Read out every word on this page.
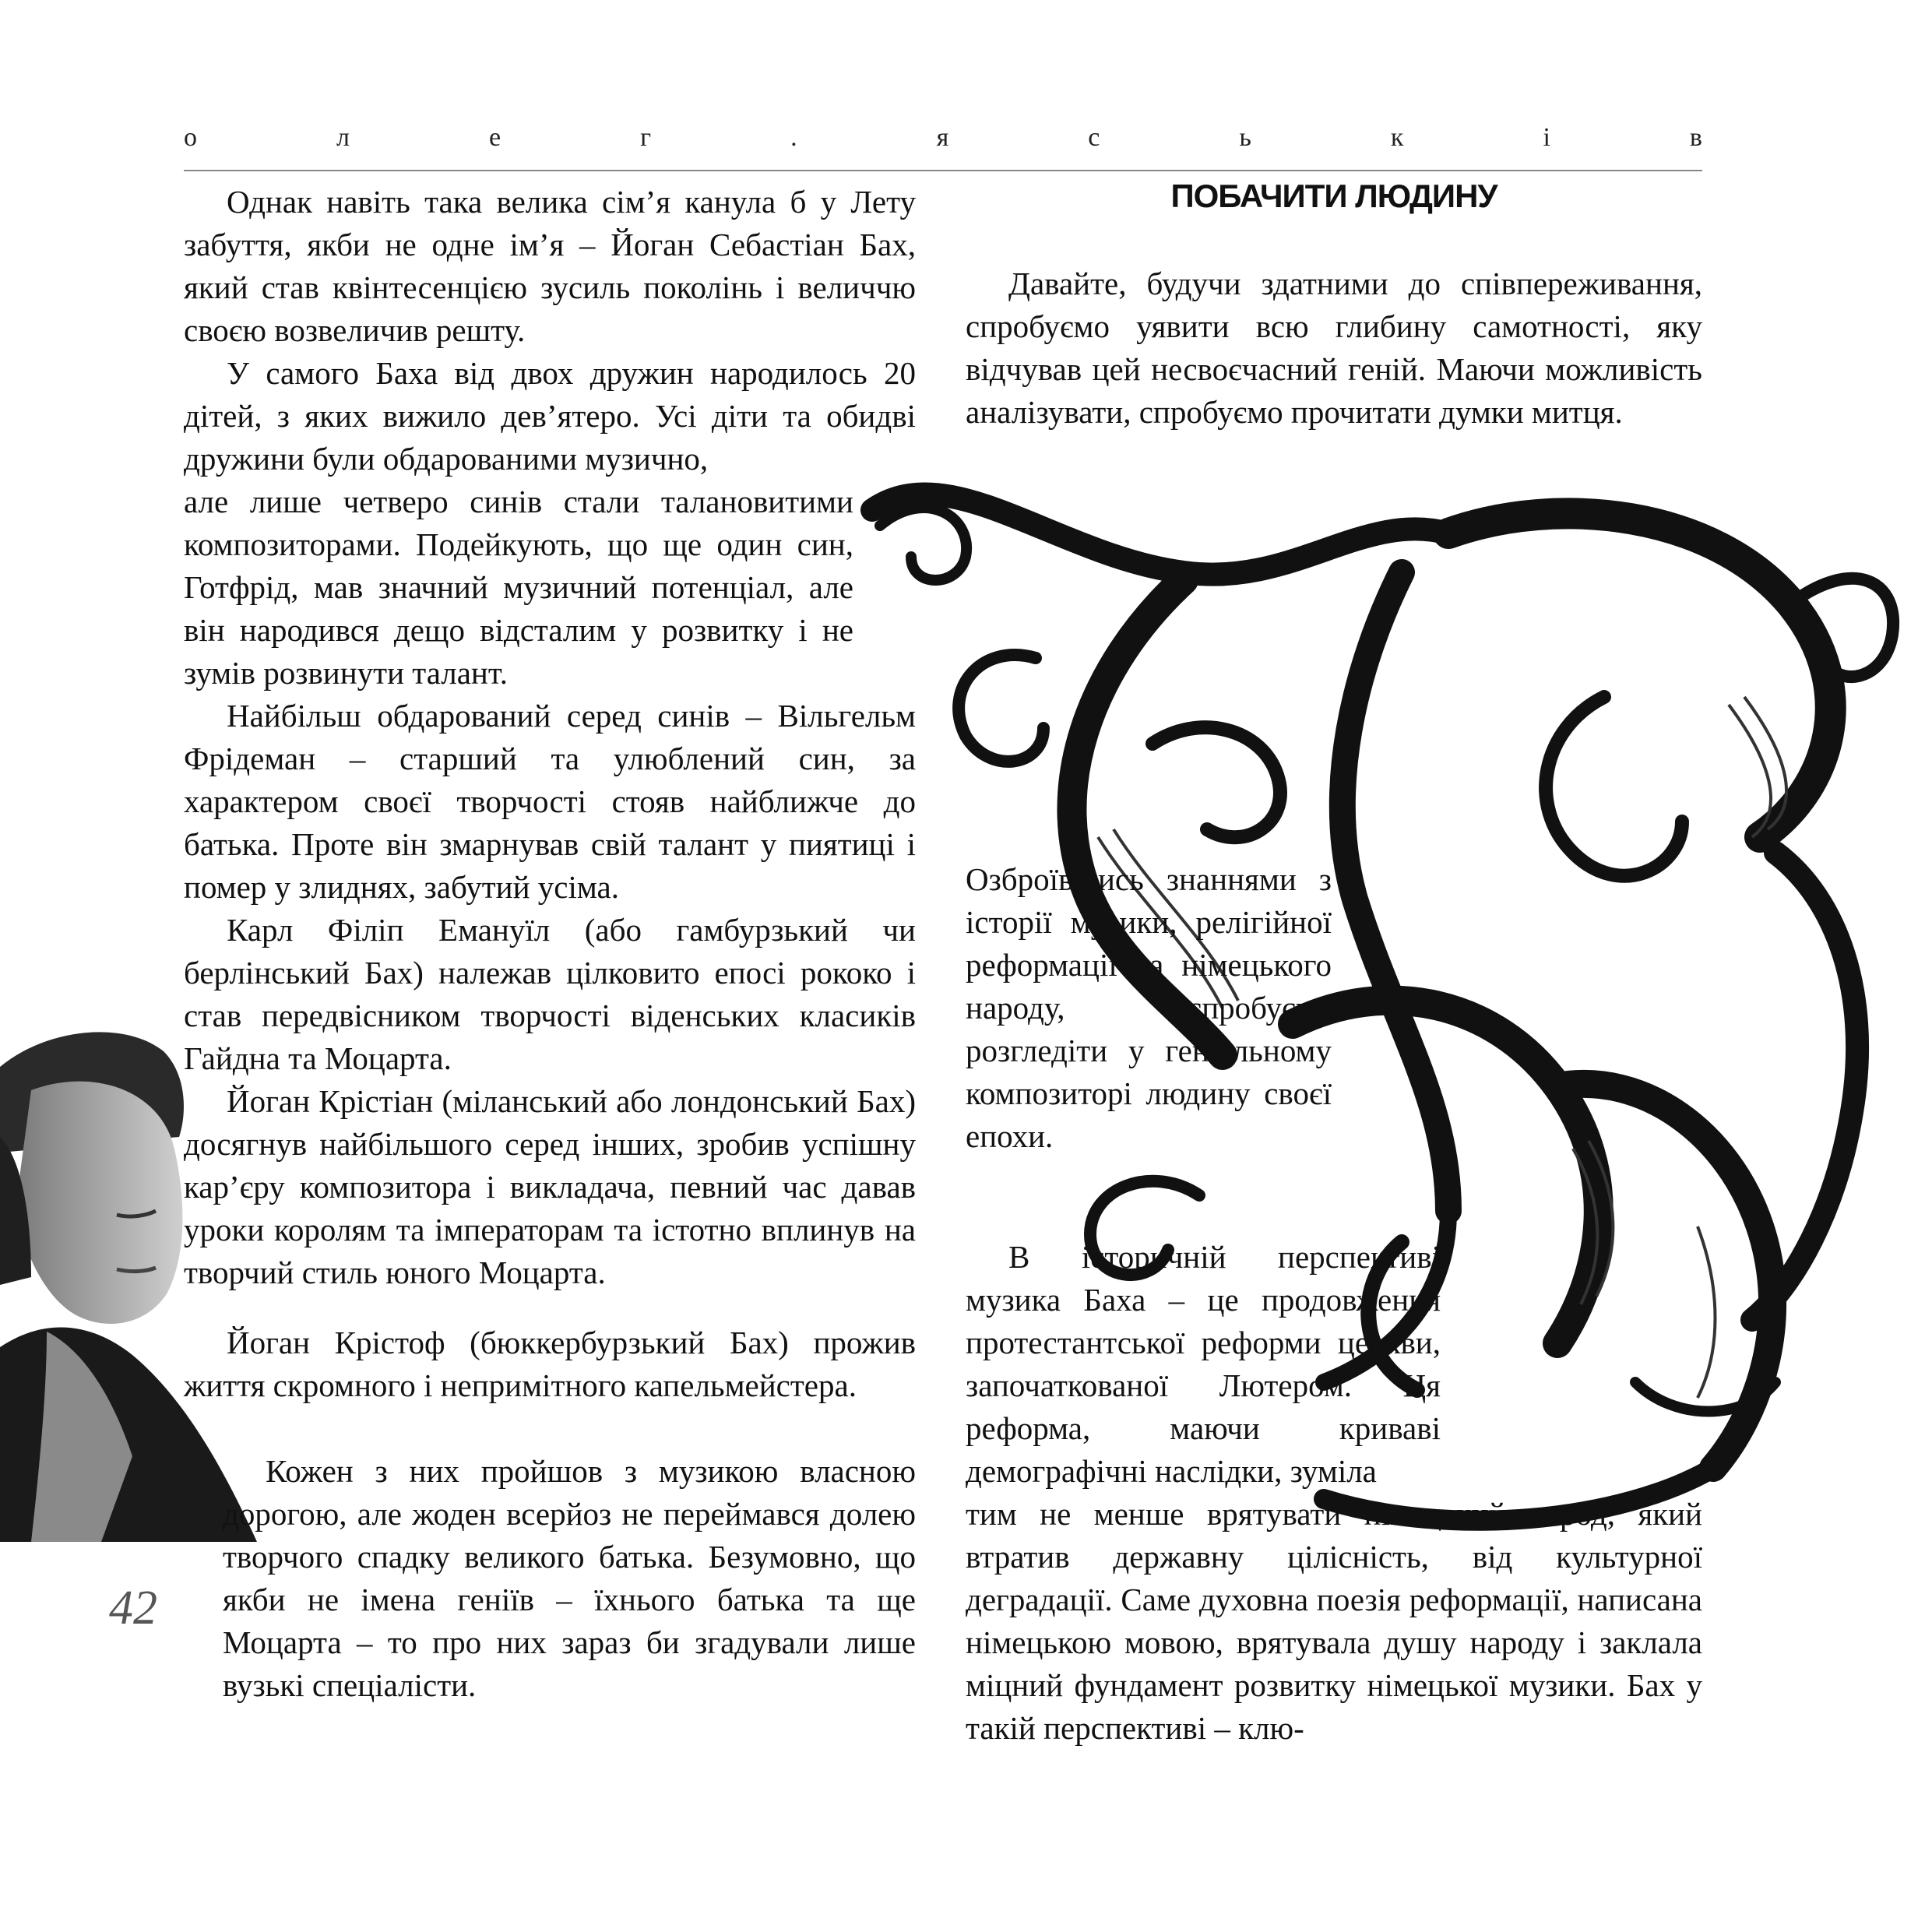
о	л	е	г	.	я	с	ь	к	і	в

Однак навіть така велика сім’я канула б у Лету забуття, якби не одне ім’я – Йоган Себастіан Бах, який став квінтесенцією зусиль поколінь і величчю своєю возвеличив решту.

У самого Баха від двох дружин народилось 20 дітей, з яких вижило дев’ятеро. Усі діти та обидві дружини були обдарованими музично,

але лише четверо синів стали талановитими композиторами. Подейкують, що ще один син, Готфрід, мав значний музичний потенціал, але він народився дещо відсталим у розвитку і не зумів розвинути талант.

Найбільш обдарований серед синів – Вільгельм Фрідеман – старший та улюблений син, за характером своєї творчості стояв найближче до батька. Проте він змарнував свій талант у пиятиці і помер у злиднях, забутий усіма.

Карл Філіп Емануїл (або гамбурзький чи берлінський Бах) належав цілковито епосі рококо і став передвісником творчості віденських класиків Гайдна та Моцарта.

Йоган Крістіан (міланський або лондонський Бах) досягнув найбільшого серед інших, зробив успішну кар’єру композитора і викладача, певний час давав уроки королям та імператорам та істотно вплинув на творчий стиль юного Моцарта.

Йоган Крістоф (бюккербурзький Бах) прожив життя скромного і непримітного капельмейстера.

Кожен з них пройшов з музикою власною дорогою, але жоден всерйоз не переймався долею творчого спадку великого батька. Безумовно, що якби не імена геніїв – їхнього батька та ще Моцарта – то про них зараз би згадували лише вузькі спеціалісти.

ПОБАЧИТИ ЛЮДИНУ

Давайте, будучи здатними до співпереживання, спробуємо уявити всю глибину самотності, яку відчував цей несвоєчасний геній. Маючи можливість аналізувати, спробуємо прочитати думки митця.

Озброївшись знаннями з історії музики, релігійної реформації та німецького народу, спробуємо розгледіти у геніальному композиторі людину своєї епохи.

В історичній перспективі музика Баха – це продовження протестантської реформи церкви, започаткованої Лютером. Ця реформа, маючи криваві демографічні наслідки, зуміла

тим не менше врятувати німецький народ, який втратив державну цілісність, від культурної деградації. Саме духовна поезія реформації, написана німецькою мовою, врятувала душу народу і заклала міцний фундамент розвитку німецької музики. Бах у такій перспективі – клю-

42
